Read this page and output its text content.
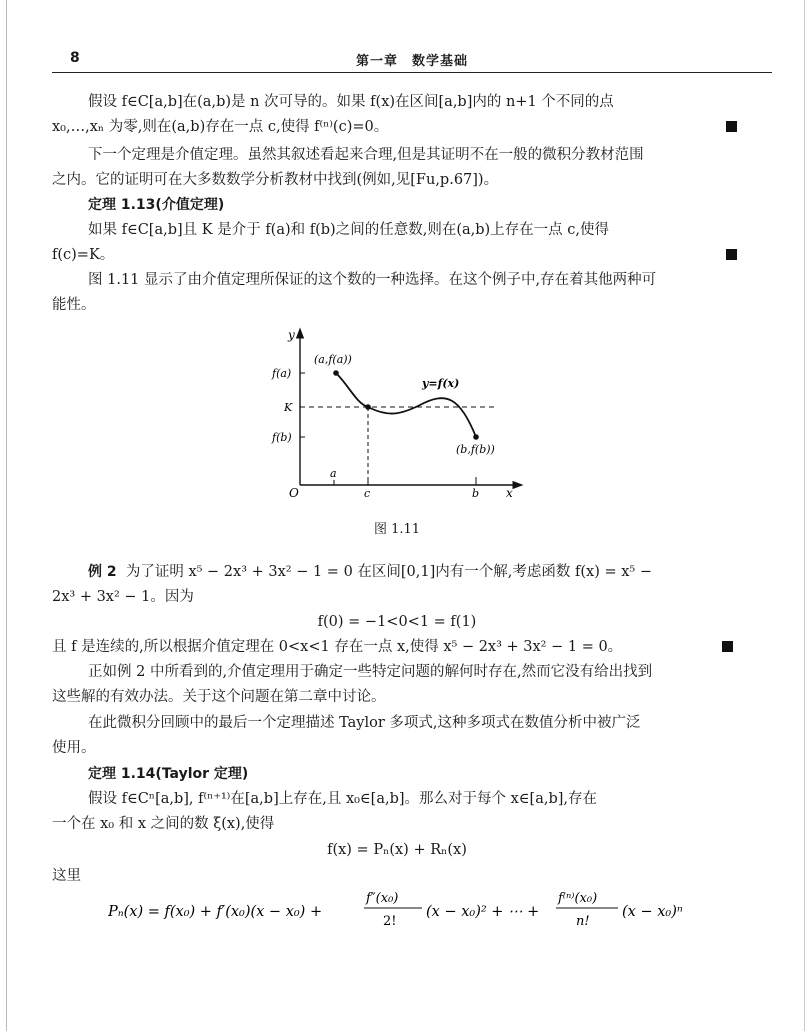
8	第一章　数学基础
假设 f∈C[a,b]在(a,b)是 n 次可导的。如果 f(x)在区间[a,b]内的 n+1 个不同的点
x₀,…,xₙ 为零,则在(a,b)存在一点 c,使得 f⁽ⁿ⁾(c)=0。
下一个定理是介值定理。虽然其叙述看起来合理,但是其证明不在一般的微积分教材范围
之内。它的证明可在大多数数学分析教材中找到(例如,见[Fu,p.67])。
定理 1.13(介值定理)
如果 f∈C[a,b]且 K 是介于 f(a)和 f(b)之间的任意数,则在(a,b)上存在一点 c,使得
f(c)=K。
图 1.11 显示了由介值定理所保证的这个数的一种选择。在这个例子中,存在着其他两种可
能性。
y
x
O
f(a)
K
f(b)
a
c	b
(a,f(a))
y=f(x)
(b,f(b))
图 1.11
例 2 为了证明 x⁵ − 2x³ + 3x² − 1 = 0 在区间[0,1]内有一个解,考虑函数 f(x) = x⁵ −
2x³ + 3x² − 1。因为
f(0) = −1<0<1 = f(1)
且 f 是连续的,所以根据介值定理在 0<x<1 存在一点 x,使得 x⁵ − 2x³ + 3x² − 1 = 0。
正如例 2 中所看到的,介值定理用于确定一些特定问题的解何时存在,然而它没有给出找到
这些解的有效办法。关于这个问题在第二章中讨论。
在此微积分回顾中的最后一个定理描述 Taylor 多项式,这种多项式在数值分析中被广泛
使用。
定理 1.14(Taylor 定理)
假设 f∈Cⁿ[a,b], f⁽ⁿ⁺¹⁾在[a,b]上存在,且 x₀∈[a,b]。那么对于每个 x∈[a,b],存在
一个在 x₀ 和 x 之间的数 ξ(x),使得
f(x) = Pₙ(x) + Rₙ(x)
这里
Pₙ(x) = f(x₀) + f′(x₀)(x − x₀) +
f″(x₀)
2!
(x − x₀)² + ⋯ +
f⁽ⁿ⁾(x₀)
n!
(x − x₀)ⁿ
